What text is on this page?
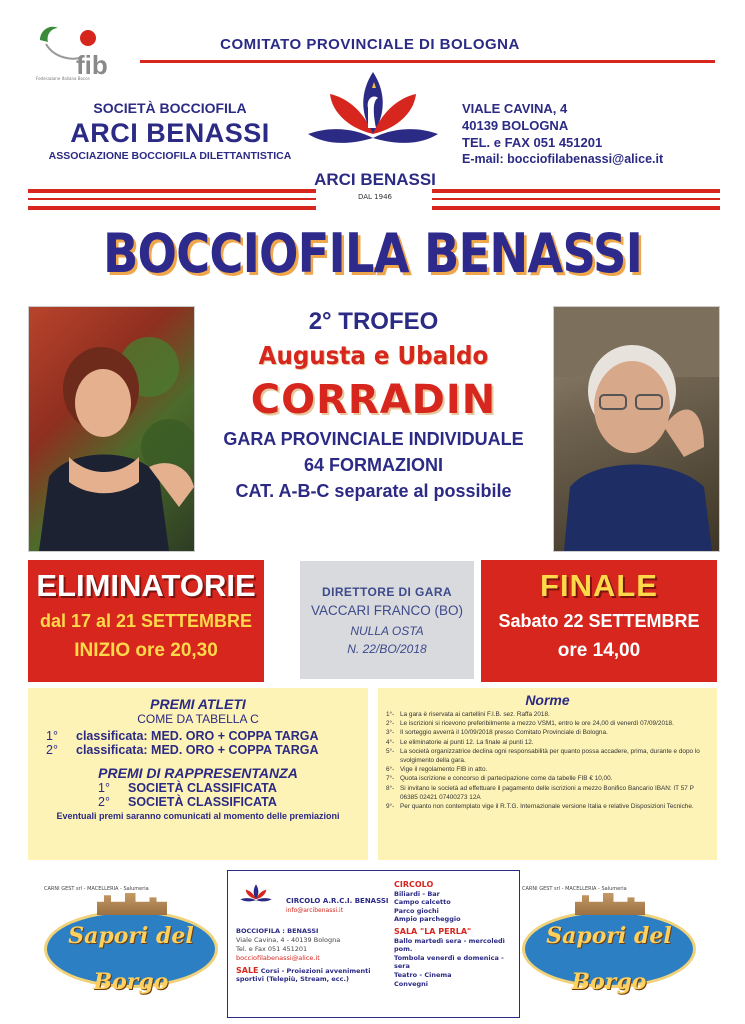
fib
Federazione Italiana Bocce
COMITATO PROVINCIALE DI BOLOGNA
SOCIETÀ BOCCIOFILA
ARCI BENASSI
ASSOCIAZIONE BOCCIOFILA DILETTANTISTICA
ARCI BENASSI
DAL 1946
VIALE CAVINA, 4
40139 BOLOGNA
TEL. e FAX 051 451201
E-mail: bocciofilabenassi@alice.it
BOCCIOFILA BENASSI
2° TROFEO
Augusta e Ubaldo
CORRADIN
GARA PROVINCIALE INDIVIDUALE
64 FORMAZIONI
CAT. A-B-C separate al possibile
ELIMINATORIE
dal 17 al 21 SETTEMBRE
INIZIO ore 20,30
DIRETTORE DI GARA
VACCARI FRANCO (BO)
NULLA OSTA
N. 22/BO/2018
FINALE
Sabato 22 SETTEMBRE
ore 14,00
PREMI ATLETI
COME DA TABELLA C
1°	classificata: MED. ORO + COPPA TARGA
2°	classificata: MED. ORO + COPPA TARGA
PREMI DI RAPPRESENTANZA
1°	SOCIETÀ CLASSIFICATA
2°	SOCIETÀ CLASSIFICATA
Eventuali premi saranno comunicati al momento delle premiazioni
Norme
1°- La gara è riservata ai cartellini F.I.B. sez. Raffa 2018.
2°- Le iscrizioni si ricevono preferibilmente a mezzo VSM1, entro le ore 24,00 di venerdì 07/09/2018.
3°- Il sorteggio avverrà il 10/09/2018 presso Comitato Provinciale di Bologna.
4°- Le eliminatorie ai punti 12. La finale ai punti 12.
5°- La società organizzatrice declina ogni responsabilità per quanto possa accadere, prima, durante e dopo lo svolgimento della gara.
6°- Vige il regolamento FIB in atto.
7°- Quota iscrizione e concorso di partecipazione come da tabelle FIB € 10,00.
8°- Si invitano le società ad effettuare il pagamento delle iscrizioni a mezzo Bonifico Bancario IBAN: IT 57 P 06385 02421 07400273 12A
9°- Per quanto non contemplato vige il R.T.G. Internazionale versione Italia e relative Disposizioni Tecniche.
CARNI GEST srl - MACELLERIA - Salumeria
Sapori del Borgo
CARNI GEST
CIRCOLO A.R.C.I. BENASSI
info@arcibenassi.it
BOCCIOFILA : BENASSI
Viale Cavina, 4 - 40139 Bologna
Tel. e Fax 051 451201
bocciofilabenassi@alice.it
SALE Corsi - Proiezioni avvenimenti sportivi (Telepiù, Stream, ecc.)
CIRCOLO
Biliardi - Bar
Campo calcetto
Parco giochi
Ampio parcheggio
SALA "LA PERLA"
Ballo martedì sera - mercoledì pom.
Tombola venerdì e domenica - sera
Teatro - Cinema
Convegni
CARNI GEST srl - MACELLERIA - Salumeria
Sapori del Borgo
CARNI GEST
